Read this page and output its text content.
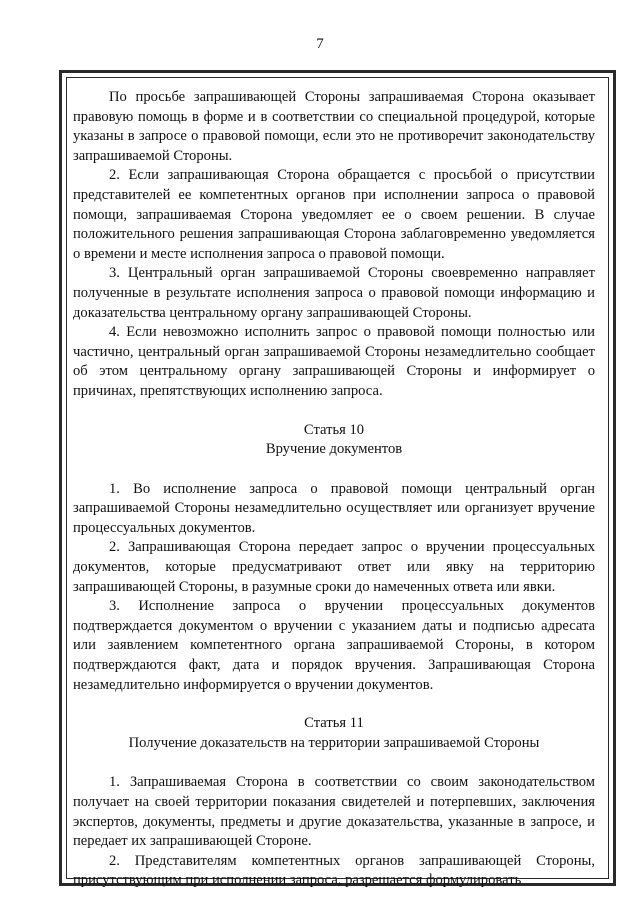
7

По просьбе запрашивающей Стороны запрашиваемая Сторона оказывает правовую помощь в форме и в соответствии со специальной процедурой, которые указаны в запросе о правовой помощи, если это не противоречит законодательству запрашиваемой Стороны.

2. Если запрашивающая Сторона обращается с просьбой о присутствии представителей ее компетентных органов при исполнении запроса о правовой помощи, запрашиваемая Сторона уведомляет ее о своем решении. В случае положительного решения запрашивающая Сторона заблаговременно уведомляется о времени и месте исполнения запроса о правовой помощи.

3. Центральный орган запрашиваемой Стороны своевременно направляет полученные в результате исполнения запроса о правовой помощи информацию и доказательства центральному органу запрашивающей Стороны.

4. Если невозможно исполнить запрос о правовой помощи полностью или частично, центральный орган запрашиваемой Стороны незамедлительно сообщает об этом центральному органу запрашивающей Стороны и информирует о причинах, препятствующих исполнению запроса.

Статья 10
Вручение документов

1. Во исполнение запроса о правовой помощи центральный орган запрашиваемой Стороны незамедлительно осуществляет или организует вручение процессуальных документов.

2. Запрашивающая Сторона передает запрос о вручении процессуальных документов, которые предусматривают ответ или явку на территорию запрашивающей Стороны, в разумные сроки до намеченных ответа или явки.

3. Исполнение запроса о вручении процессуальных документов подтверждается документом о вручении с указанием даты и подписью адресата или заявлением компетентного органа запрашиваемой Стороны, в котором подтверждаются факт, дата и порядок вручения. Запрашивающая Сторона незамедлительно информируется о вручении документов.

Статья 11
Получение доказательств на территории запрашиваемой Стороны

1. Запрашиваемая Сторона в соответствии со своим законодательством получает на своей территории показания свидетелей и потерпевших, заключения экспертов, документы, предметы и другие доказательства, указанные в запросе, и передает их запрашивающей Стороне.

2. Представителям компетентных органов запрашивающей Стороны, присутствующим при исполнении запроса, разрешается формулировать
